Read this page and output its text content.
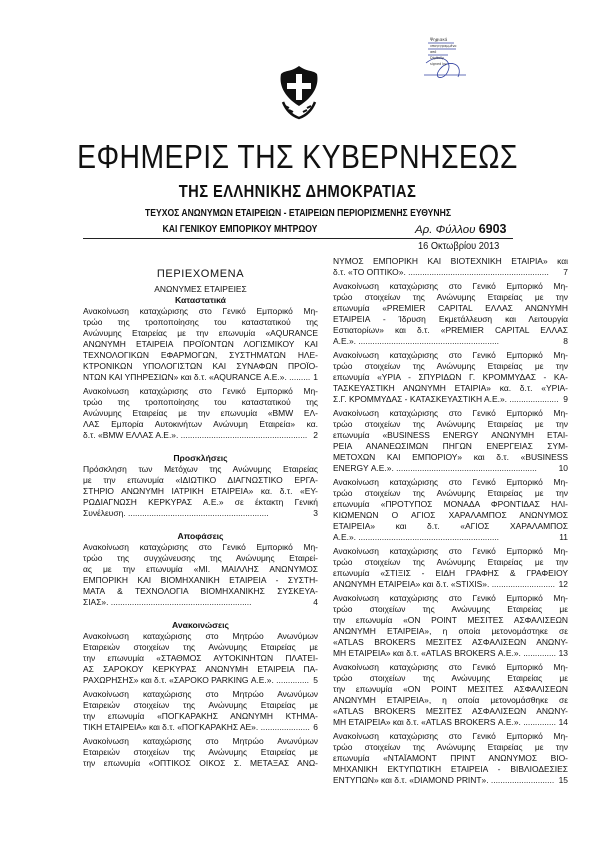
Ψηφιακά
υπογεγραμμένο
από
Digitally
signed by
ΕΦΗΜΕΡΙΣ ΤΗΣ ΚΥΒΕΡΝΗΣΕΩΣ
ΤΗΣ ΕΛΛΗΝΙΚΗΣ ΔΗΜΟΚΡΑΤΙΑΣ
ΤΕΥΧΟΣ ΑΝΩΝΥΜΩΝ ΕΤΑΙΡΕΙΩΝ - ΕΤΑΙΡΕΙΩΝ ΠΕΡΙΟΡΙΣΜΕΝΗΣ ΕΥΘΥΝΗΣ
ΚΑΙ ΓΕΝΙΚΟΥ ΕΜΠΟΡΙΚΟΥ ΜΗΤΡΩΟΥ	Αρ. Φύλλου 6903
16 Οκτωβρίου 2013
ΠΕΡΙΕΧΟΜΕΝΑ
ΑΝΩΝΥΜΕΣ ΕΤΑΙΡΕΙΕΣ
Καταστατικά
Ανακοίνωση καταχώρισης στο Γενικό Εμπορικό Μη-
τρώο της τροποποίησης του καταστατικού της
Ανώνυμης Εταιρείας με την επωνυμία «AQURANCE
ΑΝΩΝΥΜΗ ΕΤΑΙΡΕΙΑ ΠΡΟΪΟΝΤΩΝ ΛΟΓΙΣΜΙΚΟΥ ΚΑΙ
ΤΕΧΝΟΛΟΓΙΚΩΝ ΕΦΑΡΜΟΓΩΝ, ΣΥΣΤΗΜΑΤΩΝ ΗΛΕ-
ΚΤΡΟΝΙΚΩΝ ΥΠΟΛΟΓΙΣΤΩΝ ΚΑΙ ΣΥΝΑΦΩΝ ΠΡΟΪΟ-
ΝΤΩΝ ΚΑΙ ΥΠΗΡΕΣΙΩΝ» και δ.τ. «AQURANCE Α.Ε.». ......... 1
Ανακοίνωση καταχώρισης στο Γενικό Εμπορικό Μη-
τρώο της τροποποίησης του καταστατικού της
Ανώνυμης Εταιρείας με την επωνυμία «BMW ΕΛ-
ΛΑΣ Εμπορία Αυτοκινήτων Ανώνυμη Εταιρεία» κα.
δ.τ. «BMW ΕΛΛΑΣ Α.Ε.». ...................................................... 2
Προσκλήσεις
Πρόσκληση των Μετόχων της Ανώνυμης Εταιρείας
με την επωνυμία «ΙΔΙΩΤΙΚΟ ΔΙΑΓΝΩΣΤΙΚΟ ΕΡΓΑ-
ΣΤΗΡΙΟ ΑΝΩΝΥΜΗ ΙΑΤΡΙΚΗ ΕΤΑΙΡΕΙΑ» κα. δ.τ. «ΕΥ-
ΡΩΔΙΑΓΝΩΣΗ ΚΕΡΚΥΡΑΣ Α.Ε.» σε έκτακτη Γενική
Συνέλευση. ............................................................	3
Αποφάσεις
Ανακοίνωση καταχώρισης στο Γενικό Εμπορικό Μη-
τρώο της συγχώνευσης της Ανώνυμης Εταιρεί-
ας με την επωνυμία «ΜΙ. ΜΑΙΛΛΗΣ ΑΝΩΝΥΜΟΣ
ΕΜΠΟΡΙΚΗ ΚΑΙ ΒΙΟΜΗΧΑΝΙΚΗ ΕΤΑΙΡΕΙΑ - ΣΥΣΤΗ-
ΜΑΤΑ & ΤΕΧΝΟΛΟΓΙΑ ΒΙΟΜΗΧΑΝΙΚΗΣ ΣΥΣΚΕΥΑ-
ΣΙΑΣ». ............................................................	4
Ανακοινώσεις
Ανακοίνωση καταχώρισης στο Μητρώο Ανωνύμων
Εταιρειών στοιχείων της Ανώνυμης Εταιρείας με
την επωνυμία «ΣΤΑΘΜΟΣ ΑΥΤΟΚΙΝΗΤΩΝ ΠΛΑΤΕΙ-
ΑΣ ΣΑΡΟΚΟΥ ΚΕΡΚΥΡΑΣ ΑΝΩΝΥΜΗ ΕΤΑΙΡΕΙΑ ΠΑ-
ΡΑΧΩΡΗΣΗΣ» και δ.τ. «ΣΑΡΟΚΟ PARKING Α.Ε.». .............. 5
Ανακοίνωση καταχώρισης στο Μητρώο Ανωνύμων
Εταιρειών στοιχείων της Ανώνυμης Εταιρείας με
την επωνυμία «ΠΟΓΚΑΡΑΚΗΣ ΑΝΩΝΥΜΗ ΚΤΗΜΑ-
ΤΙΚΗ ΕΤΑΙΡΕΙΑ» και δ.τ. «ΠΟΓΚΑΡΑΚΗΣ ΑΕ». ..................... 6
Ανακοίνωση καταχώρισης στο Μητρώο Ανωνύμων
Εταιρειών στοιχείων της Ανώνυμης Εταιρείας με
την επωνυμία «ΟΠΤΙΚΟΣ ΟΙΚΟΣ Σ. ΜΕΤΑΞΑΣ ΑΝΩ-
ΝΥΜΟΣ ΕΜΠΟΡΙΚΗ ΚΑΙ ΒΙΟΤΕΧΝΙΚΗ ΕΤΑΙΡΙΑ» και
δ.τ. «ΤΟ ΟΠΤΙΚΟ». ............................................................ 7
Ανακοίνωση καταχώρισης στο Γενικό Εμπορικό Μη-
τρώο στοιχείων της Ανώνυμης Εταιρείας με την
επωνυμία «PREMIER CAPITAL ΕΛΛΑΣ ΑΝΩΝΥΜΗ
ΕΤΑΙΡΕΙΑ - Ίδρυση Εκμετάλλευση και Λειτουργία
Εστιατορίων» και δ.τ. «PREMIER CAPITAL ΕΛΛΑΣ
Α.Ε.». ............................................................	8
Ανακοίνωση καταχώρισης στο Γενικό Εμπορικό Μη-
τρώο στοιχείων της Ανώνυμης Εταιρείας με την
επωνυμία «ΥΡΙΑ - ΣΠΥΡΙΔΩΝ Γ. ΚΡΟΜΜΥΔΑΣ - ΚΑ-
ΤΑΣΚΕΥΑΣΤΙΚΗ ΑΝΩΝΥΜΗ ΕΤΑΙΡΙΑ» κα. δ.τ. «ΥΡΙΑ-
Σ.Γ. ΚΡΟΜΜΥΔΑΣ - ΚΑΤΑΣΚΕΥΑΣΤΙΚΗ Α.Ε.». ..................... 9
Ανακοίνωση καταχώρισης στο Γενικό Εμπορικό Μη-
τρώο στοιχείων της Ανώνυμης Εταιρείας με την
επωνυμία «BUSINESS ENERGY ΑΝΩΝΥΜΗ ΕΤΑΙ-
ΡΕΙΑ ΑΝΑΝΕΩΣΙΜΩΝ ΠΗΓΩΝ ΕΝΕΡΓΕΙΑΣ ΣΥΜ-
ΜΕΤΟΧΩΝ ΚΑΙ ΕΜΠΟΡΙΟΥ» και δ.τ. «BUSINESS
ENERGY Α.Ε.». ............................................................	10
Ανακοίνωση καταχώρισης στο Γενικό Εμπορικό Μη-
τρώο στοιχείων της Ανώνυμης Εταιρείας με την
επωνυμία «ΠΡΟΤΥΠΟΣ ΜΟΝΑΔΑ ΦΡΟΝΤΙΔΑΣ ΗΛΙ-
ΚΙΩΜΕΝΩΝ Ο ΑΓΙΟΣ ΧΑΡΑΛΑΜΠΟΣ ΑΝΩΝΥΜΟΣ
ΕΤΑΙΡΕΙΑ» και δ.τ. «ΑΓΙΟΣ ΧΑΡΑΛΑΜΠΟΣ
Α.Ε.». ............................................................	11
Ανακοίνωση καταχώρισης στο Γενικό Εμπορικό Μη-
τρώο στοιχείων της Ανώνυμης Εταιρείας με την
επωνυμία «ΣΤΙΞΙΣ - ΕΙΔΗ ΓΡΑΦΗΣ & ΓΡΑΦΕΙΟΥ
ΑΝΩΝΥΜΗ ΕΤΑΙΡΕΙΑ» και δ.τ. «STIXIS». ........................... 12
Ανακοίνωση καταχώρισης στο Γενικό Εμπορικό Μη-
τρώο στοιχείων της Ανώνυμης Εταιρείας με
την επωνυμία «ON POINT ΜΕΣΙΤΕΣ ΑΣΦΑΛΙΣΕΩΝ
ΑΝΩΝΥΜΗ ΕΤΑΙΡΕΙΑ», η οποία μετονομάστηκε σε
«ATLAS BROKERS ΜΕΣΙΤΕΣ ΑΣΦΑΛΙΣΕΩΝ ΑΝΩΝΥ-
ΜΗ ΕΤΑΙΡΕΙΑ» και δ.τ. «ATLAS BROKERS Α.Ε.». .............. 13
Ανακοίνωση καταχώρισης στο Γενικό Εμπορικό Μη-
τρώο στοιχείων της Ανώνυμης Εταιρείας με
την επωνυμία «ON POINT ΜΕΣΙΤΕΣ ΑΣΦΑΛΙΣΕΩΝ
ΑΝΩΝΥΜΗ ΕΤΑΙΡΕΙΑ», η οποία μετονομάσθηκε σε
«ATLAS BROKERS ΜΕΣΙΤΕΣ ΑΣΦΑΛΙΣΕΩΝ ΑΝΩΝΥ-
ΜΗ ΕΤΑΙΡΕΙΑ» και δ.τ. «ATLAS BROKERS Α.Ε.». .............. 14
Ανακοίνωση καταχώρισης στο Γενικό Εμπορικό Μη-
τρώο στοιχείων της Ανώνυμης Εταιρείας με την
επωνυμία «ΝΤΑΪΑΜΟΝΤ ΠΡΙΝΤ ΑΝΩΝΥΜΟΣ ΒΙΟ-
ΜΗΧΑΝΙΚΗ ΕΚΤΥΠΩΤΙΚΗ ΕΤΑΙΡΕΙΑ - ΒΙΒΛΙΟΔΕΣΙΕΣ
ΕΝΤΥΠΩΝ» και δ.τ. «DIAMOND PRINT». ........................... 15
